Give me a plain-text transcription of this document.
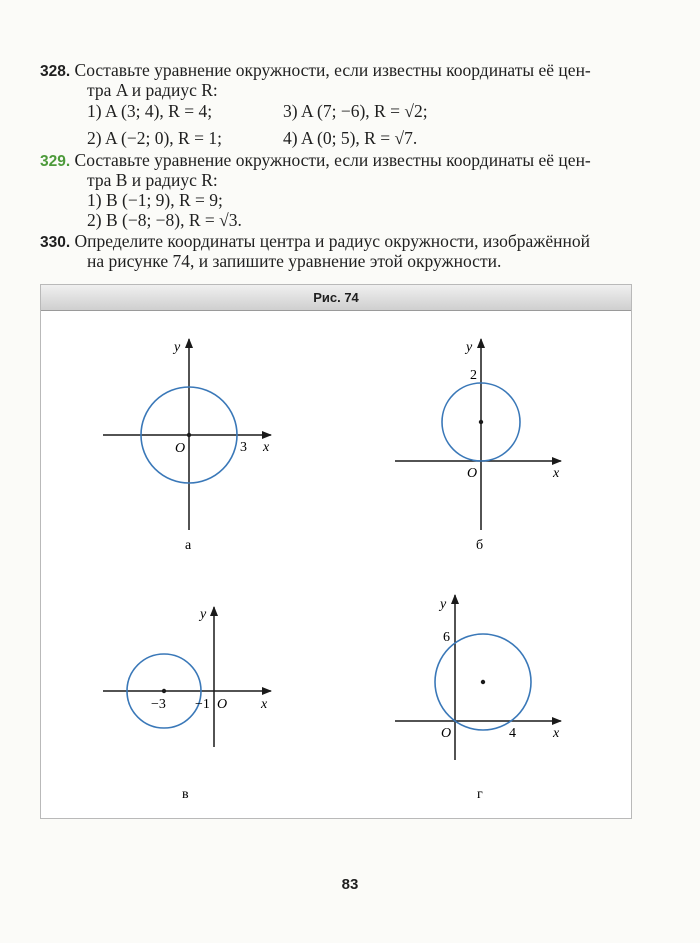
328. Составьте уравнение окружности, если известны координаты её цен-
тра A и радиус R:
1) A (3; 4), R = 4;	3) A (7; −6), R = √2;
2) A (−2; 0), R = 1;	4) A (0; 5), R = √7.
329. Составьте уравнение окружности, если известны координаты её цен-
тра B и радиус R:
1) B (−1; 9), R = 9;
2) B (−8; −8), R = √3.
330. Определите координаты центра и радиус окружности, изображённой
на рисунке 74, и запишите уравнение этой окружности.
Рис. 74
y
x
O	3
а
y
x
O
2
б
y
x
O
−3 −1
в
y
x
O
6
4
г
83
